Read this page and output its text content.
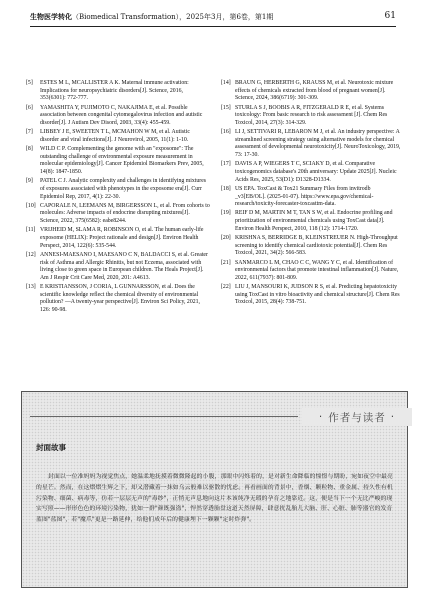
生物医学转化（Biomedical Transformation），2025年3月，第6卷，第1期	61
[5] ESTES M L, MCALLISTER A K. Maternal immune activation: Implications for neuropsychiatric disorders[J]. Science, 2016, 353(6301): 772-777.
[6] YAMASHITA Y, FUJIMOTO C, NAKAJIMA E, et al. Possible association between congenital cytomegalovirus infection and autistic disorder[J]. J Autism Dev Disord, 2003, 33(4): 455-459.
[7] LIBBEY J E, SWEETEN T L, MCMAHON W M, et al. Autistic disorder and viral infections[J]. J Neurovirol, 2005, 11(1): 1-10.
[8] WILD C P. Complementing the genome with an "exposome": The outstanding challenge of environmental exposure measurement in molecular epidemiology[J]. Cancer Epidemiol Biomarkers Prev, 2005, 14(8): 1847-1850.
[9] PATEL C J. Analytic complexity and challenges in identifying mixtures of exposures associated with phenotypes in the exposome era[J]. Curr Epidemiol Rep, 2017, 4(1): 22-30.
[10] CAPORALE N, LEEMANS M, BIRGERSSON L, et al. From cohorts to molecules: Adverse impacts of endocrine disrupting mixtures[J]. Science, 2022, 375(6582): eabe8244.
[11] VRIJHEID M, SLAMA R, ROBINSON O, et al. The human early-life exposome (HELIX): Project rationale and design[J]. Environ Health Perspect, 2014, 122(6): 535-544.
[12] ANNESI-MAESANO I, MAESANO C N, BALDACCI S, et al. Greater risk of Asthma and Allergic Rhinitis, but not Eczema, associated with living close to green space in European children. The Heals Project[J]. Am J Respir Crit Care Med, 2020, 201: A4613.
[13] E KRISTIANSSON, J CORIA, L GUNNARSSON, et al. Does the scientific knowledge reflect the chemical diversity of environmental pollution? —A twenty-year perspective[J]. Environ Sci Policy, 2021, 126: 90-98.
[14] BRAUN G, HERBERTH G, KRAUSS M, et al. Neurotoxic mixture effects of chemicals extracted from blood of pregnant women[J]. Science, 2024, 386(6719): 301-309.
[15] STURLA S J, BOOBIS A R, FITZGERALD R E, et al. Systems toxicology: From basic research to risk assessment [J]. Chem Res Toxicol, 2014, 27(3): 314-329.
[16] LI J, SETTIVARI R, LEBARON M J, et al. An industry perspective: A streamlined screening strategy using alternative models for chemical assessment of developmental neurotoxicity[J]. NeuroToxicology, 2019, 73: 17-30.
[17] DAVIS A P, WIEGERS T C, SCIAKY D, et al. Comparative toxicogenomics database's 20th anniversary: Update 2025[J]. Nucleic Acids Res, 2025, 53(D1): D1328-D1334.
[18] US EPA. ToxCast & Tox21 Summary Files from invitrodb _v3[EB/OL]. (2025-01-07). https://www.epa.gov/chemical-research/toxicity-forecaster-toxcasttm-data.
[19] REIF D M, MARTIN M T, TAN S W, et al. Endocrine profiling and prioritization of environmental chemicals using ToxCast data[J]. Environ Health Perspect, 2010, 118 (12): 1714-1720.
[20] KRISHNA S, BERRIDGE B, KLEINSTREUER N. High-Throughput screening to identify chemical cardiotoxic potential[J]. Chem Res Toxicol, 2021, 34(2): 566-583.
[21] SANMARCO L M, CHAO C C, WANG Y C, et al. Identification of environmental factors that promote intestinal inflammation[J]. Nature, 2022, 611(7937): 801-809.
[22] LIU J, MANSOURI K, JUDSON R S, et al. Predicting hepatotoxicity using ToxCast in vitro bioactivity and chemical structure[J]. Chem Res Toxicol, 2015, 28(4): 738-751.
· 作者与读者 ·
封面故事
封面以一位准妈妈为视觉焦点，她温柔地抚摸着微微隆起的小腹，那眼中闪烁着的，是对新生命降临的憧憬与期盼，宛如夜空中最亮的星芒。然而，在这熠熠生辉之下，却又潜藏着一抹如乌云般难以驱散的忧虑。再看画面的背景中，香烟、颗粒物、重金属、持久性有机污染物、细菌、病毒等，仿若一层层无声的"毒纱"，正悄无声息地向这片本该纯净无瑕的孕育之地靠近。这，便是当下一个无比严峻的现实写照——形形色色的环境污染物，犹如一群"颜既强盗"，悍然穿透胎盘这道天然屏障，肆意扰乱胎儿大脑、肝、心脏、肺等器官的发育蓝图"蓝图"，若"魔爪"更是一路延伸，给他们成年后的健康埋下一颗颗"定时炸弹"。
